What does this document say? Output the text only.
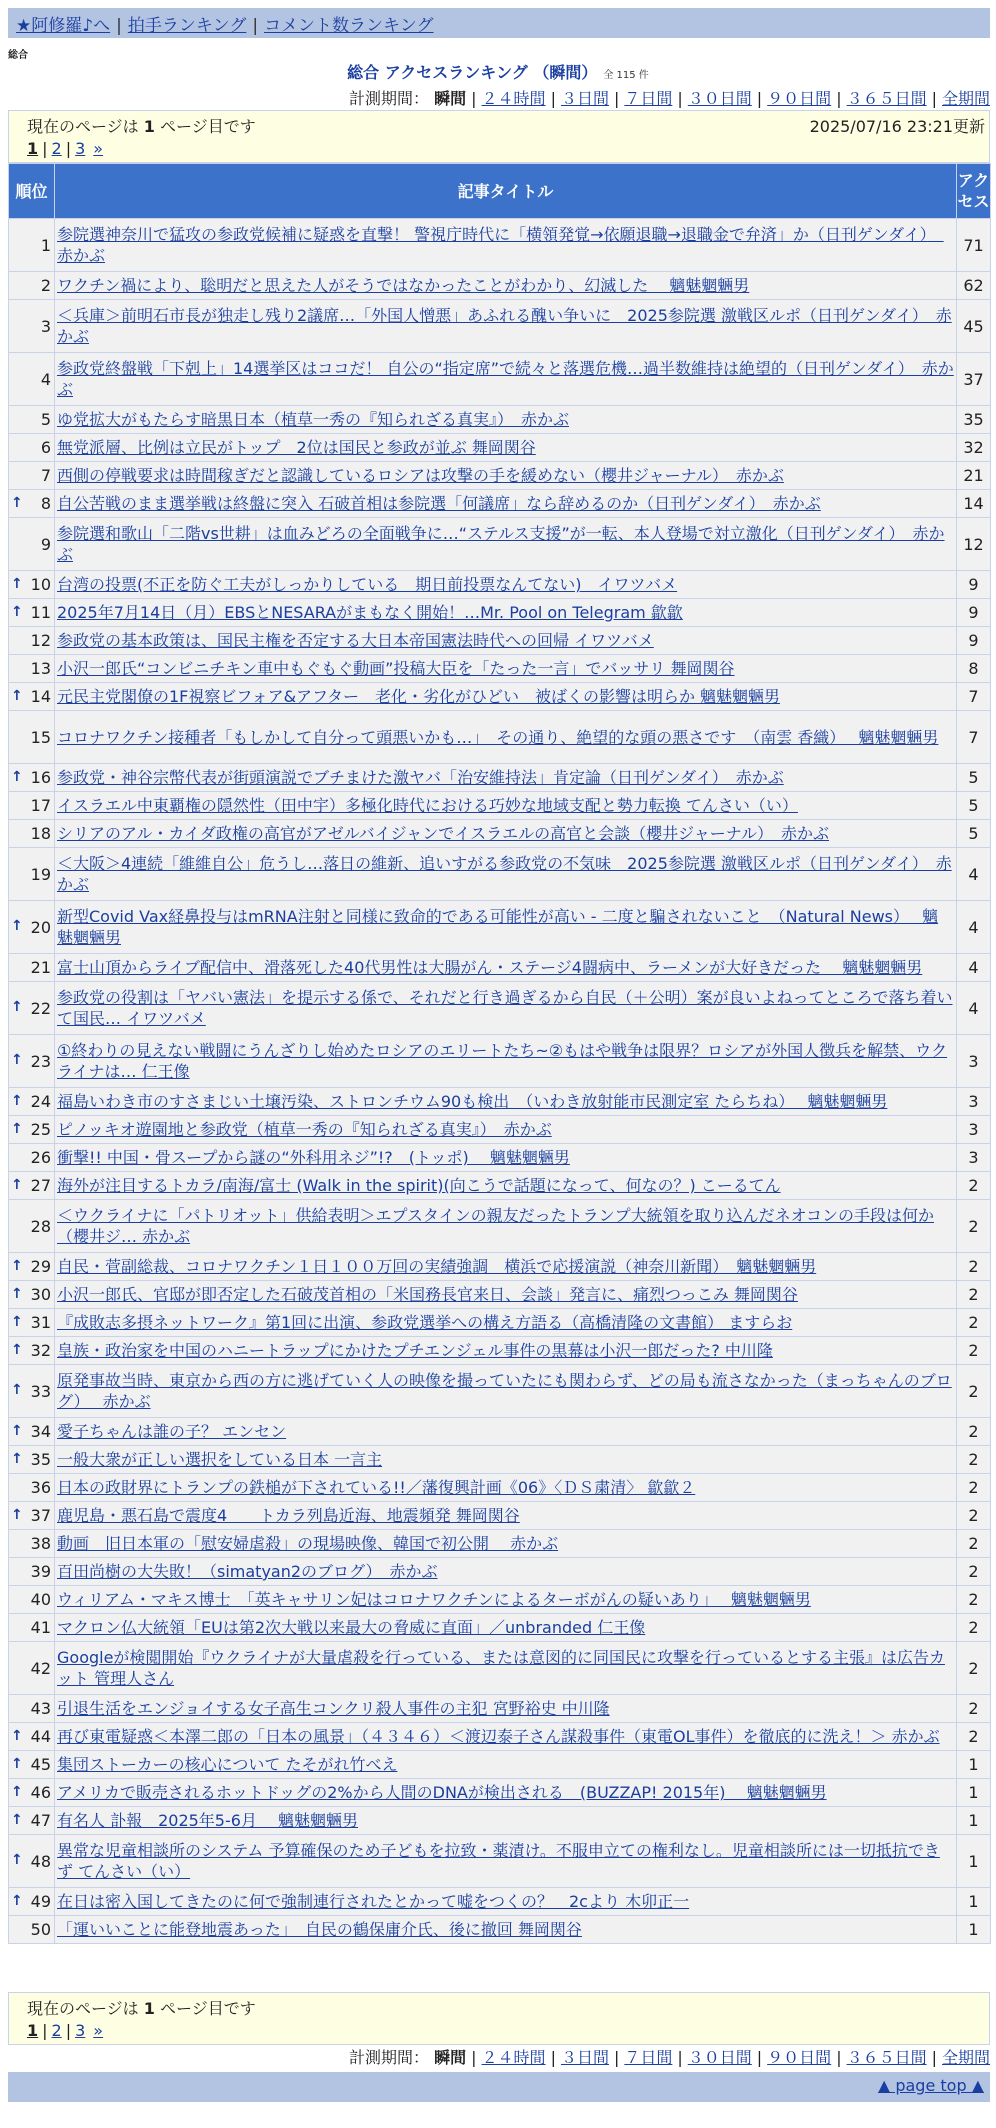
★阿修羅♪へ | 拍手ランキング | コメント数ランキング
総合
総合 アクセスランキング （瞬間） 全 115 件
計測期間： 瞬間 | ２４時間 | ３日間 | ７日間 | ３０日間 | ９０日間 | ３６５日間 | 全期間
現在のページは 1 ページ目です	2025/07/16 23:21更新
1 | 2 | 3 »
順位	記事タイトル	アクセス
1	参院選神奈川で猛攻の参政党候補に疑惑を直撃！ 警視庁時代に「横領発覚→依願退職→退職金で弁済」か（日刊ゲンダイ）　赤かぶ	71
2	ワクチン禍により、聡明だと思えた人がそうではなかったことがわかり、幻滅した　 魑魅魍魎男	62
3	＜兵庫＞前明石市長が独走し残り2議席…「外国人憎悪」あふれる醜い争いに　2025参院選 激戦区ルポ（日刊ゲンダイ）　赤かぶ	45
4	参政党終盤戦「下剋上」14選挙区はココだ！ 自公の“指定席”で続々と落選危機…過半数維持は絶望的（日刊ゲンダイ）　赤かぶ	37
5	ゆ党拡大がもたらす暗黒日本（植草一秀の『知られざる真実』）　赤かぶ	35
6	無党派層、比例は立民がトップ　2位は国民と参政が並ぶ 舞岡関谷	32
7	西側の停戦要求は時間稼ぎだと認識しているロシアは攻撃の手を緩めない（櫻井ジャーナル）　赤かぶ	21

↑ 8	自公苦戦のまま選挙戦は終盤に突入 石破首相は参院選「何議席」なら辞めるのか（日刊ゲンダイ）　赤かぶ	14
9	参院選和歌山「二階vs世耕」は血みどろの全面戦争に…“ステルス支援”が一転、本人登場で対立激化（日刊ゲンダイ）　赤かぶ	12

↑ 10	台湾の投票(不正を防ぐ工夫がしっかりしている　期日前投票なんてない)　イワツバメ	9

↑ 11	2025年7月14日（月）EBSとNESARAがまもなく開始！…Mr. Pool on Telegram 歙歙	9
12	参政党の基本政策は、国民主権を否定する大日本帝国憲法時代への回帰 イワツバメ	9
13	小沢一郎氏“コンビニチキン車中もぐもぐ動画”投稿大臣を「たった一言」でバッサリ 舞岡関谷	8

↑ 14	元民主党閣僚の1F視察ビフォア&アフター　老化・劣化がひどい　被ばくの影響は明らか 魑魅魍魎男	7
15	コロナワクチン接種者「もしかして自分って頭悪いかも…」　その通り、絶望的な頭の悪さです　（南雲 香織）　 魑魅魍魎男	7

↑ 16	参政党・神谷宗幣代表が街頭演説でブチまけた激ヤバ「治安維持法」肯定論（日刊ゲンダイ）　赤かぶ	5
17	イスラエル中東覇権の隠然性（田中宇）多極化時代における巧妙な地域支配と勢力転換 てんさい（い）	5
18	シリアのアル・カイダ政権の高官がアゼルバイジャンでイスラエルの高官と会談（櫻井ジャーナル）　赤かぶ	5
19	＜大阪＞4連続「維維自公」危うし…落日の維新、追いすがる参政党の不気味　2025参院選 激戦区ルポ（日刊ゲンダイ）　赤かぶ	4

↑ 20	新型Covid Vax経鼻投与はmRNA注射と同様に致命的である可能性が高い - 二度と騙されないこと　（Natural News）　 魑魅魍魎男	4
21	富士山頂からライブ配信中、滑落死した40代男性は大腸がん・ステージ4闘病中、ラーメンが大好きだった　 魑魅魍魎男	4

↑ 22	参政党の役割は「ヤバい憲法」を提示する係で、それだと行き過ぎるから自民（＋公明）案が良いよねってところで落ち着いて国民… イワツバメ	4

↑ 23	①終わりの見えない戦闘にうんざりし始めたロシアのエリートたち~②もはや戦争は限界？ロシアが外国人徴兵を解禁、ウクライナは… 仁王像	3

↑ 24	福島いわき市のすさまじい土壌汚染、ストロンチウム90も検出　（いわき放射能市民測定室 たらちね）　 魑魅魍魎男	3

↑ 25	ピノッキオ遊園地と参政党（植草一秀の『知られざる真実』）　赤かぶ	3
26	衝撃!! 中国・骨スープから謎の“外科用ネジ”!?　(トッポ)　 魑魅魍魎男	3

↑ 27	海外が注目するトカラ/南海/富士 (Walk in the spirit)(向こうで話題になって、何なの？) こーるてん	2
28	＜ウクライナに「パトリオット」供給表明＞エプスタインの親友だったトランプ大統領を取り込んだネオコンの手段は何か（櫻井ジ… 赤かぶ	2

↑ 29	自民・菅副総裁、コロナワクチン１日１００万回の実績強調　横浜で応援演説（神奈川新聞）　魑魅魍魎男	2

↑ 30	小沢一郎氏、官邸が即否定した石破茂首相の「米国務長官来日、会談」発言に、痛烈つっこみ 舞岡関谷	2

↑ 31	『成敗志多摂ネットワーク』第1回に出演、参政党選挙への構え方語る（高橋清隆の文書館） ますらお	2

↑ 32	皇族・政治家を中国のハニートラップにかけたプチエンジェル事件の黒幕は小沢一郎だった? 中川隆	2

↑ 33	原発事故当時、東京から西の方に逃げていく人の映像を撮っていたにも関わらず、どの局も流さなかった（まっちゃんのブログ）　 赤かぶ	2

↑ 34	愛子ちゃんは誰の子？ エンセン	2

↑ 35	一般大衆が正しい選択をしている日本 一言主	2
36	日本の政財界にトランプの鉄槌が下されている!!／藩復興計画《06》〈ＤＳ粛清〉 歙歙２	2

↑ 37	鹿児島・悪石島で震度4　　トカラ列島近海、地震頻発 舞岡関谷	2
38	動画　旧日本軍の「慰安婦虐殺」の現場映像、韓国で初公開　 赤かぶ	2
39	百田尚樹の大失敗！（simatyan2のブログ）　赤かぶ	2
40	ウィリアム・マキス博士　「英キャサリン妃はコロナワクチンによるターボがんの疑いあり」　 魑魅魍魎男	2
41	マクロン仏大統領「EUは第2次大戦以来最大の脅威に直面」／unbranded 仁王像	2
42	Googleが検閲開始『ウクライナが大量虐殺を行っている、または意図的に同国民に攻撃を行っているとする主張』は広告カット 管理人さん	2
43	引退生活をエンジョイする女子高生コンクリ殺人事件の主犯 宮野裕史 中川隆	2

↑ 44	再び東電疑惑＜本澤二郎の「日本の風景」（４３４６）＜渡辺泰子さん謀殺事件（東電OL事件）を徹底的に洗え！＞ 赤かぶ	2

↑ 45	集団ストーカーの核心について たそがれ竹べえ	1

↑ 46	アメリカで販売されるホットドッグの2%から人間のDNAが検出される　(BUZZAP! 2015年)　 魑魅魍魎男	1

↑ 47	有名人 訃報　2025年5-6月　 魑魅魍魎男	1

↑ 48	異常な児童相談所のシステム 予算確保のため子どもを拉致・薬漬け。不服申立ての権利なし。児童相談所には一切抵抗できず てんさい（い）	1

↑ 49	在日は密入国してきたのに何で強制連行されたとかって嘘をつくの？　2cより 木卯正一	1
50	「運いいことに能登地震あった」　自民の鶴保庸介氏、後に撤回 舞岡関谷	1
現在のページは 1 ページ目です
1 | 2 | 3 »
計測期間： 瞬間 | ２４時間 | ３日間 | ７日間 | ３０日間 | ９０日間 | ３６５日間 | 全期間
▲ page top ▲
